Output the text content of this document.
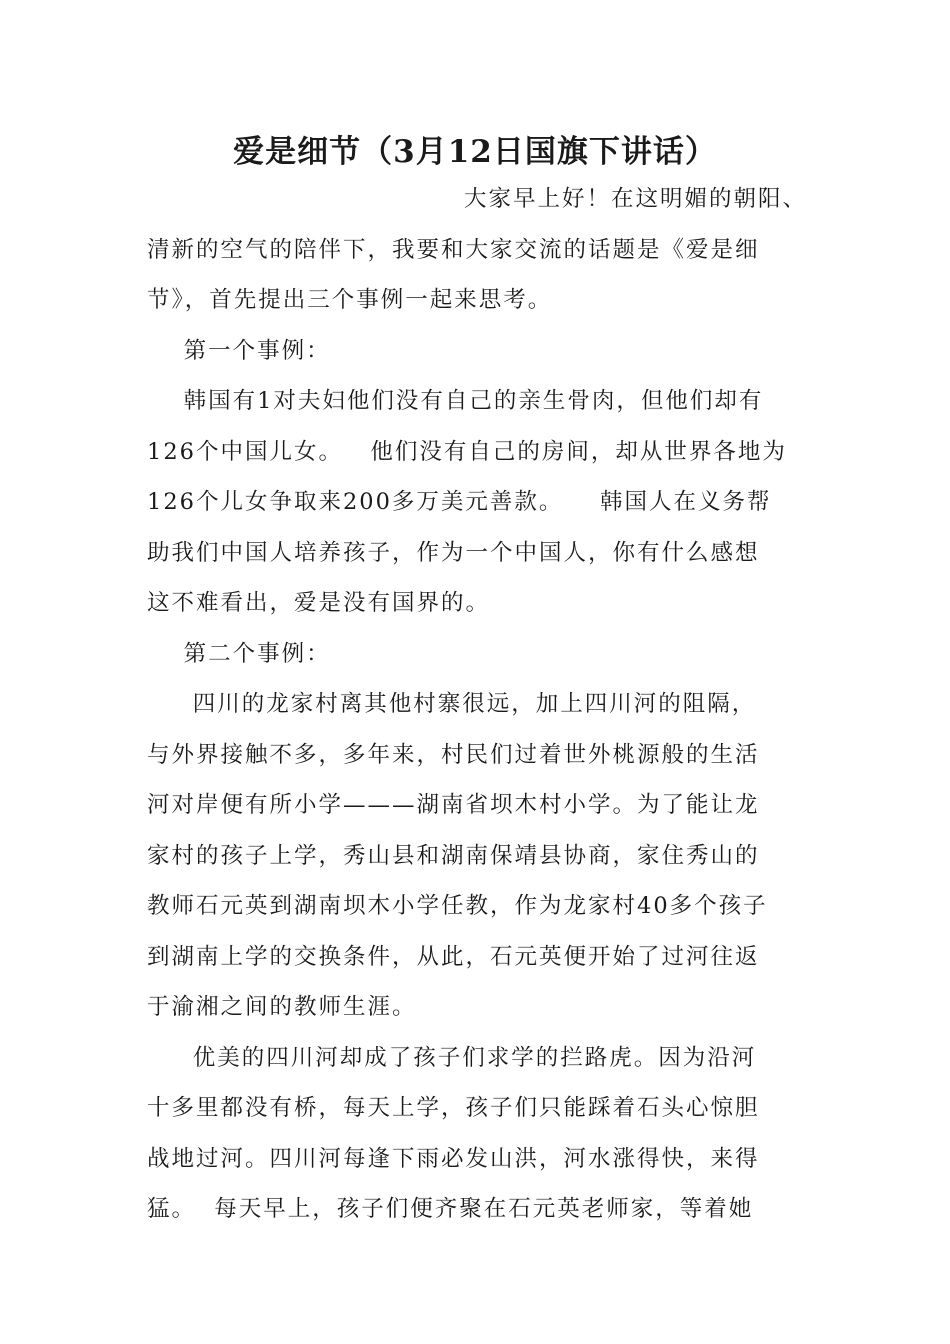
爱是细节（3月12日国旗下讲话）
大家早上好！在这明媚的朝阳、
清新的空气的陪伴下，我要和大家交流的话题是《爱是细
节》，首先提出三个事例一起来思考。
第一个事例：
韩国有1对夫妇他们没有自己的亲生骨肉，但他们却有
126个中国儿女。   他们没有自己的房间，却从世界各地为
126个儿女争取来200多万美元善款。    韩国人在义务帮
助我们中国人培养孩子，作为一个中国人，你有什么感想
这不难看出，爱是没有国界的。
第二个事例：
四川的龙家村离其他村寨很远，加上四川河的阻隔，
与外界接触不多，多年来，村民们过着世外桃源般的生活
河对岸便有所小学———湖南省坝木村小学。为了能让龙
家村的孩子上学，秀山县和湖南保靖县协商，家住秀山的
教师石元英到湖南坝木小学任教，作为龙家村40多个孩子
到湖南上学的交换条件，从此，石元英便开始了过河往返
于渝湘之间的教师生涯。
优美的四川河却成了孩子们求学的拦路虎。因为沿河
十多里都没有桥，每天上学，孩子们只能踩着石头心惊胆
战地过河。四川河每逢下雨必发山洪，河水涨得快，来得
猛。  每天早上，孩子们便齐聚在石元英老师家，等着她
